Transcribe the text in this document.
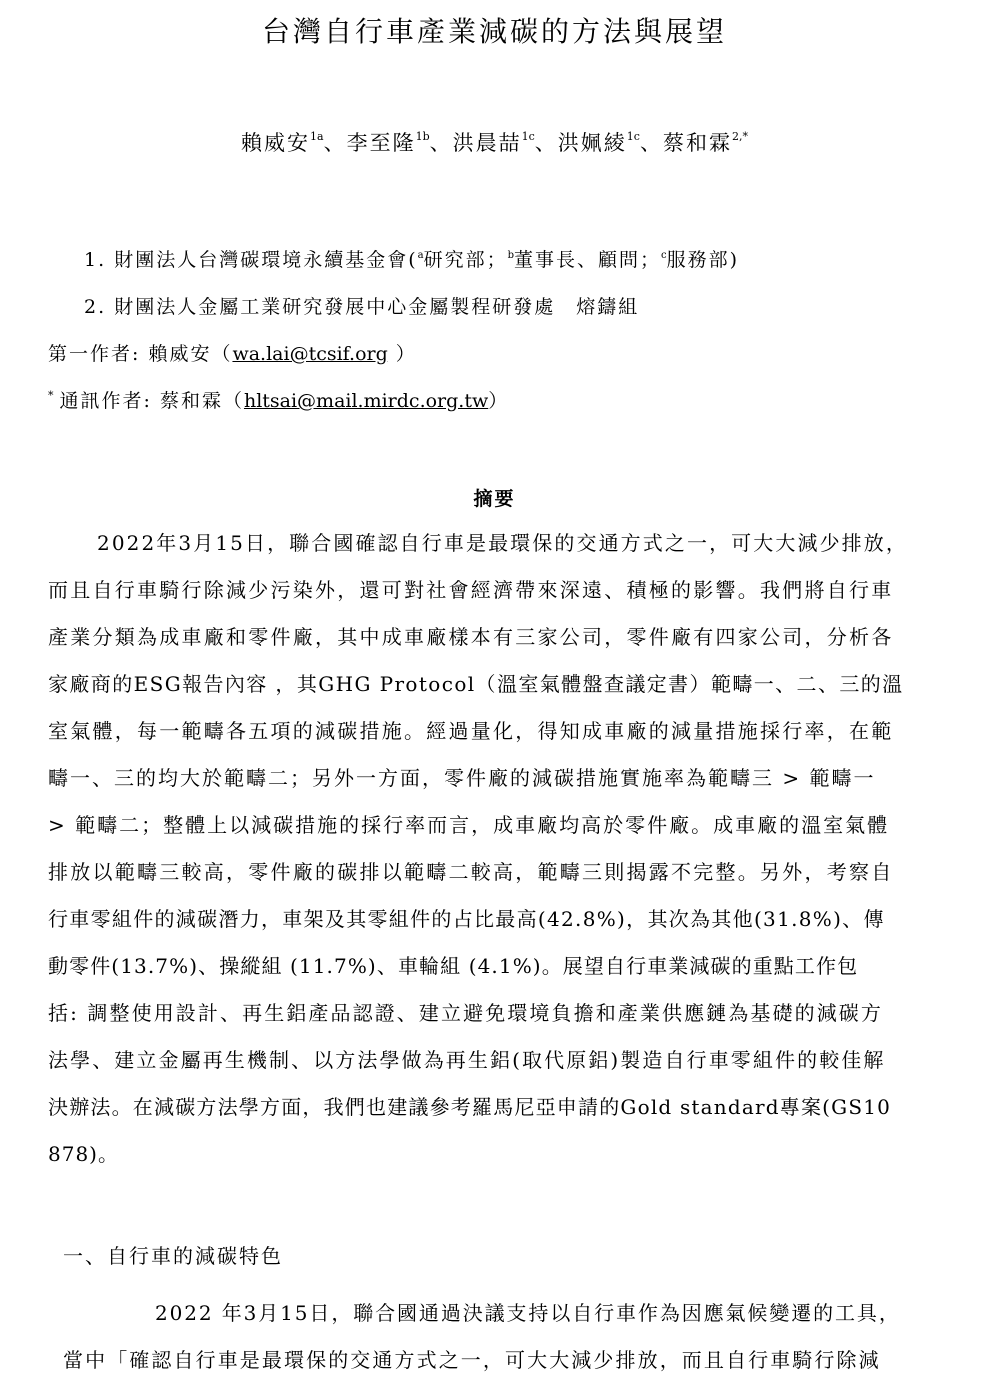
台灣自行車產業減碳的方法與展望
賴威安$^{1a}$、李至隆$^{1b}$、洪晨喆$^{1c}$、洪姵綾$^{1c}$、蔡和霖$^{2,*}$
1. 財團法人台灣碳環境永續基金會($^a$研究部；$^b$董事長、顧問；$^c$服務部)
2. 財團法人金屬工業研究發展中心金屬製程研發處　熔鑄組
第一作者: 賴威安（wa.lai@tcsif.org ）
* 通訊作者: 蔡和霖（hltsai@mail.mirdc.org.tw）
摘要
2022年3月15日，聯合國確認自行車是最環保的交通方式之一，可大大減少排放，
而且自行車騎行除減少污染外，還可對社會經濟帶來深遠、積極的影響。我們將自行車
產業分類為成車廠和零件廠，其中成車廠樣本有三家公司，零件廠有四家公司，分析各
家廠商的ESG報告內容 ，其GHG Protocol（溫室氣體盤查議定書）範疇一、二、三的溫
室氣體，每一範疇各五項的減碳措施。經過量化，得知成車廠的減量措施採行率，在範
疇一、三的均大於範疇二；另外一方面，零件廠的減碳措施實施率為範疇三 > 範疇一
> 範疇二；整體上以減碳措施的採行率而言，成車廠均高於零件廠。成車廠的溫室氣體
排放以範疇三較高，零件廠的碳排以範疇二較高，範疇三則揭露不完整。另外，考察自
行車零組件的減碳潛力，車架及其零組件的占比最高(42.8%)，其次為其他(31.8%)、傳
動零件(13.7%)、操縱組 (11.7%)、車輪組 (4.1%)。展望自行車業減碳的重點工作包
括: 調整使用設計、再生鋁產品認證、建立避免環境負擔和產業供應鏈為基礎的減碳方
法學、建立金屬再生機制、以方法學做為再生鋁(取代原鋁)製造自行車零組件的較佳解
決辦法。在減碳方法學方面，我們也建議參考羅馬尼亞申請的Gold standard專案(GS10
878)。
一、自行車的減碳特色
2022 年3月15日，聯合國通過決議支持以自行車作為因應氣候變遷的工具，
當中「確認自行車是最環保的交通方式之一，可大大減少排放，而且自行車騎行除減
